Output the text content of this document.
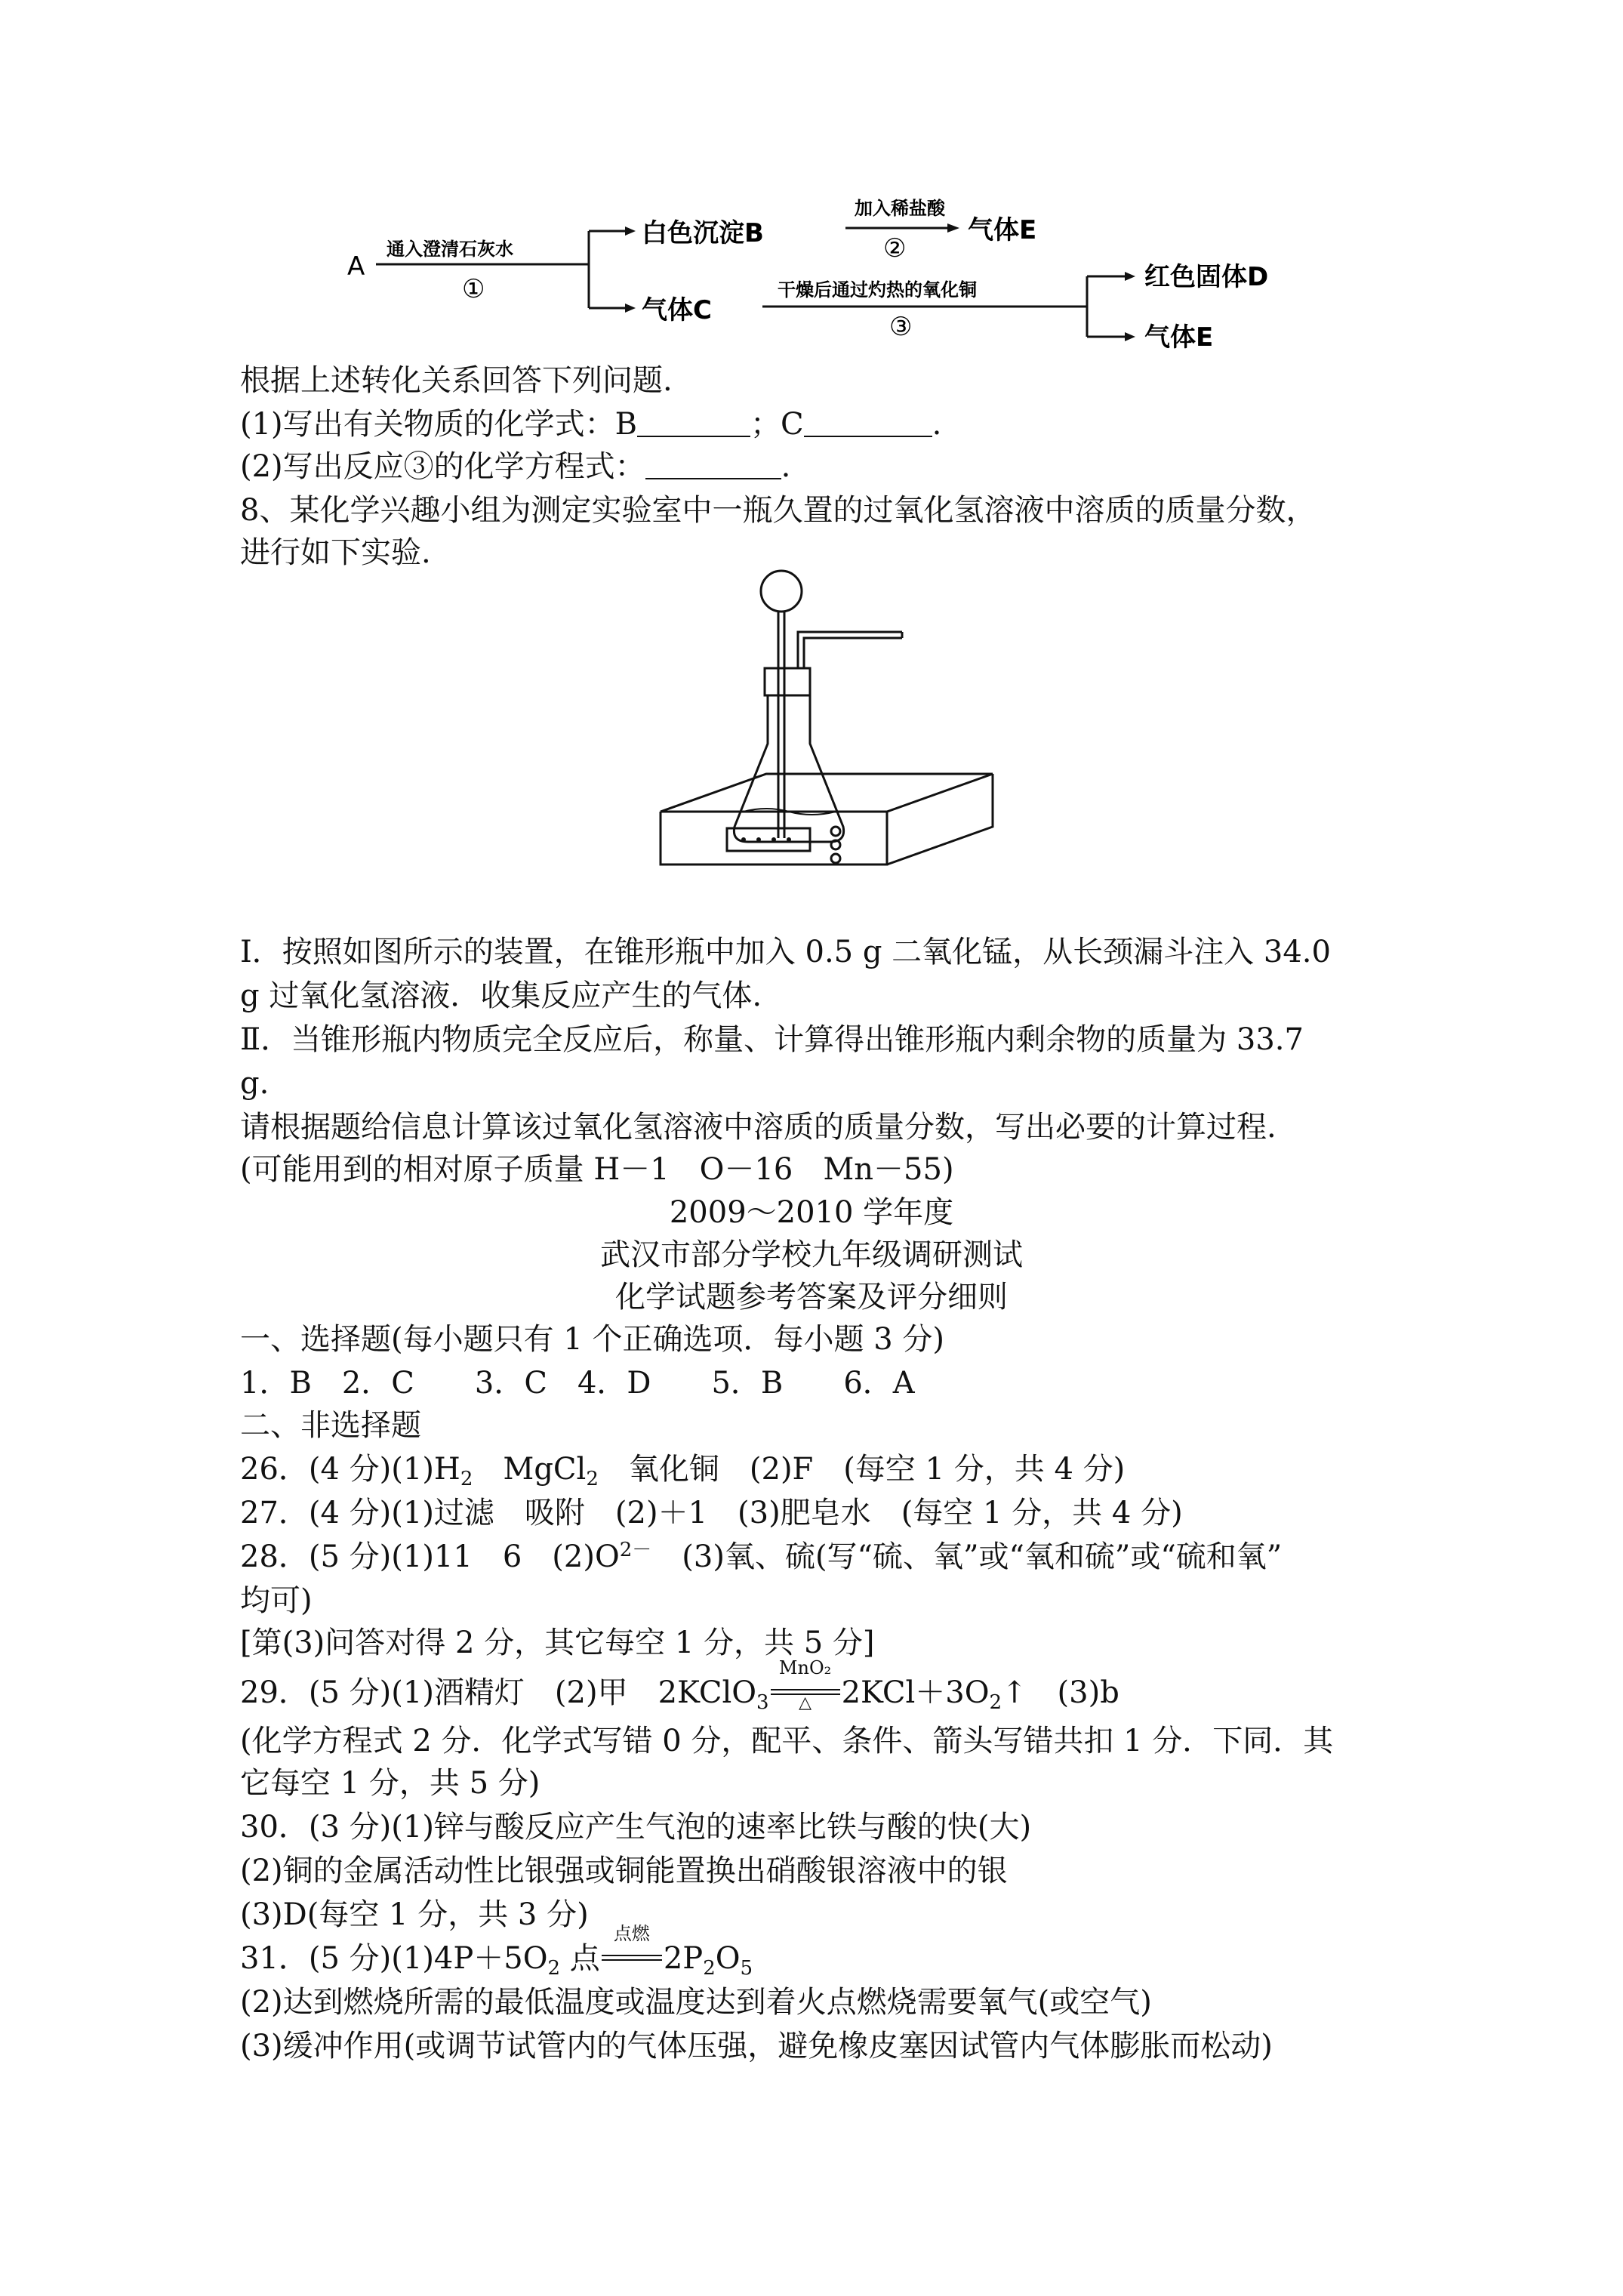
A
通入澄清石灰水
①
白色沉淀B
加入稀盐酸
②
气体E
气体C
干燥后通过灼热的氧化铜
③
红色固体D
气体E
根据上述转化关系回答下列问题.
(1)写出有关物质的化学式：B	；C	.
(2)写出反应③的化学方程式：	.
8、某化学兴趣小组为测定实验室中一瓶久置的过氧化氢溶液中溶质的质量分数，
进行如下实验.
Ⅰ．按照如图所示的装置，在锥形瓶中加入 0.5 g 二氧化锰，从长颈漏斗注入 34.0
g 过氧化氢溶液．收集反应产生的气体.
Ⅱ．当锥形瓶内物质完全反应后，称量、计算得出锥形瓶内剩余物的质量为 33.7
g.
请根据题给信息计算该过氧化氢溶液中溶质的质量分数，写出必要的计算过程.
(可能用到的相对原子质量 H－1　O－16　Mn－55)
2009～2010 学年度
武汉市部分学校九年级调研测试
化学试题参考答案及评分细则
一、选择题(每小题只有 1 个正确选项．每小题 3 分)
1．B　2．C　　3．C　4．D　　5．B　　6．A
二、非选择题
26．(4 分)$(1)H_2$　MgCl$_2$　氧化铜　(2)F　(每空 1 分，共 4 分)
27．(4 分)(1)过滤　吸附　(2)＋1　(3)肥皂水　(每空 1 分，共 4 分)
28．(5 分)(1)11　6　$(2)O^{2-}$　(3)氧、硫(写“硫、氧”或“氧和硫”或“硫和氧”
均可)
[第(3)问答对得 2 分，其它每空 1 分，共 5 分]
29．(5 分)(1)酒精灯　(2)甲　2KClO$_3$
MnO₂
△ $2KCl+3O_2↑$　(3)b
(化学方程式 2 分．化学式写错 0 分，配平、条件、箭头写错共扣 1 分．下同．其
它每空 1 分，共 5 分)
30．(3 分)(1)锌与酸反应产生气泡的速率比铁与酸的快(大)
(2)铜的金属活动性比银强或铜能置换出硝酸银溶液中的银
(3)D(每空 1 分，共 3 分)
31．(5 分)$(1)4P+5O_2$ 点
点燃
$2P_2O_5$
(2)达到燃烧所需的最低温度或温度达到着火点燃烧需要氧气(或空气)
(3)缓冲作用(或调节试管内的气体压强，避免橡皮塞因试管内气体膨胀而松动)
